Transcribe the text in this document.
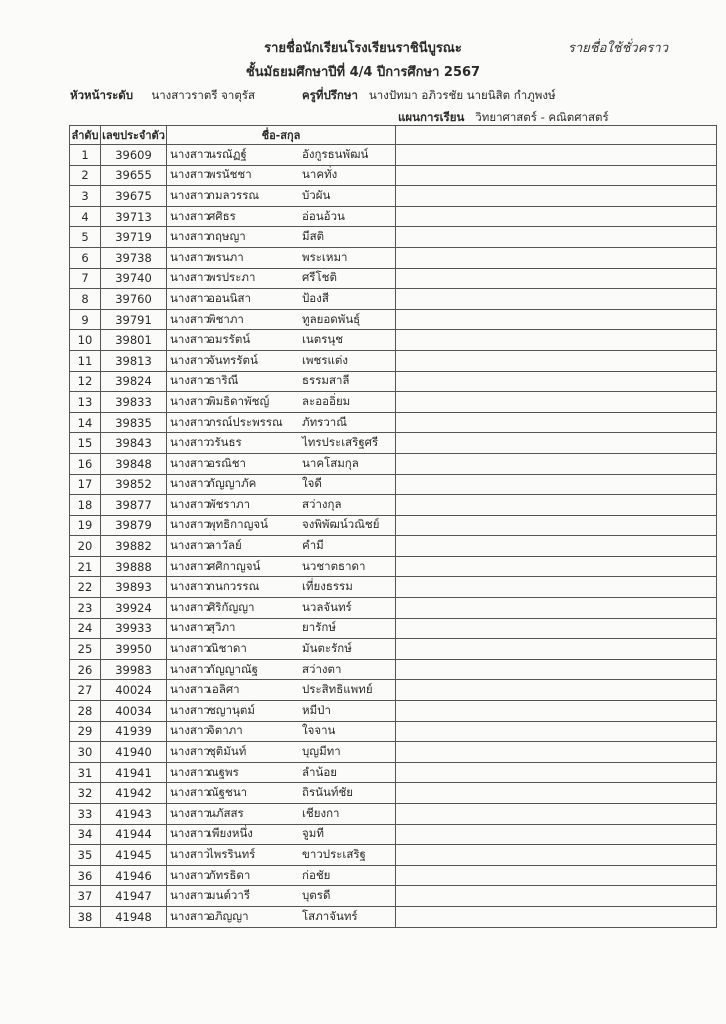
รายชื่อนักเรียนโรงเรียนราชินีบูรณะ	รายชื่อใช้ชั่วคราว
ชั้นมัธยมศึกษาปีที่ 4/4 ปีการศึกษา 2567
หัวหน้าระดับ นางสาวราตรี จาตุรัส	ครูที่ปรึกษา นางปัทมา อภิวรชัย นายนิสิต กำภูพงษ์
แผนการเรียน วิทยาศาสตร์ - คณิตศาสตร์
ลำดับ	เลขประจำตัว	ชื่อ-สกุล	
1	39609	นางสาวนรณัฏฐ์ อังกูรธนพัฒน์	
2	39655	นางสาวพรนัชชา นาคทั่ง	
3	39675	นางสาวกมลวรรณ บัวผัน	
4	39713	นางสาวศศิธร อ่อนอ้วน	
5	39719	นางสาวกฤษญา มีสติ	
6	39738	นางสาวพรนภา พระเหมา	
7	39740	นางสาวพรประภา ศรีโชติ	
8	39760	นางสาวออนนิสา ป้องสี	
9	39791	นางสาวพิชาภา ทูลยอดพันธุ์	
10	39801	นางสาวอมรรัตน์ เนตรนุช	
11	39813	นางสาวจันทรรัตน์ เพชรแต่ง	
12	39824	นางสาวธาริณี ธรรมสาลี	
13	39833	นางสาวพิมธิดาพัชญ์ ละอออิ่ยม	
14	39835	นางสาวภรณ์ประพรรณ ภัทรวาณี	
15	39843	นางสาววรันธร ไทรประเสริฐศรี	
16	39848	นางสาวอรณิชา นาคโสมกุล	
17	39852	นางสาวกัญญาภัค ใจดี	
18	39877	นางสาวพัชราภา สว่างกุล	
19	39879	นางสาวพุทธิกาญจน์ จงพิพัฒน์วณิชย์	
20	39882	นางสาวลาวัลย์ คำมี	
21	39888	นางสาวศศิกาญจน์ นวชาตธาดา	
22	39893	นางสาวกนกวรรณ เที่ยงธรรม	
23	39924	นางสาวศิริกัญญา นวลจันทร์	
24	39933	นางสาวสุวิภา ยารักษ์	
25	39950	นางสาวณิชาดา มันตะรักษ์	
26	39983	นางสาวกัญญาณัฐ สว่างตา	
27	40024	นางสาวเอลิศา ประสิทธิแพทย์	
28	40034	นางสาวชญานุตม์ หมีป่า	
29	41939	นางสาวจิตาภา ใจจาน	
30	41940	นางสาวชุติมันท์ บุญมีทา	
31	41941	นางสาวณฐพร ลำน้อย	
32	41942	นางสาวณัฐชนา ถิรนันท์ชัย	
33	41943	นางสาวนภัสสร เชียงกา	
34	41944	นางสาวเพียงหนึ่ง จูมที	
35	41945	นางสาวไพรรินทร์ ขาวประเสริฐ	
36	41946	นางสาวภัทรธิดา ก่อชัย	
37	41947	นางสาวมนต์วารี บุตรดี	
38	41948	นางสาวอภิญญา โสภาจันทร์	
